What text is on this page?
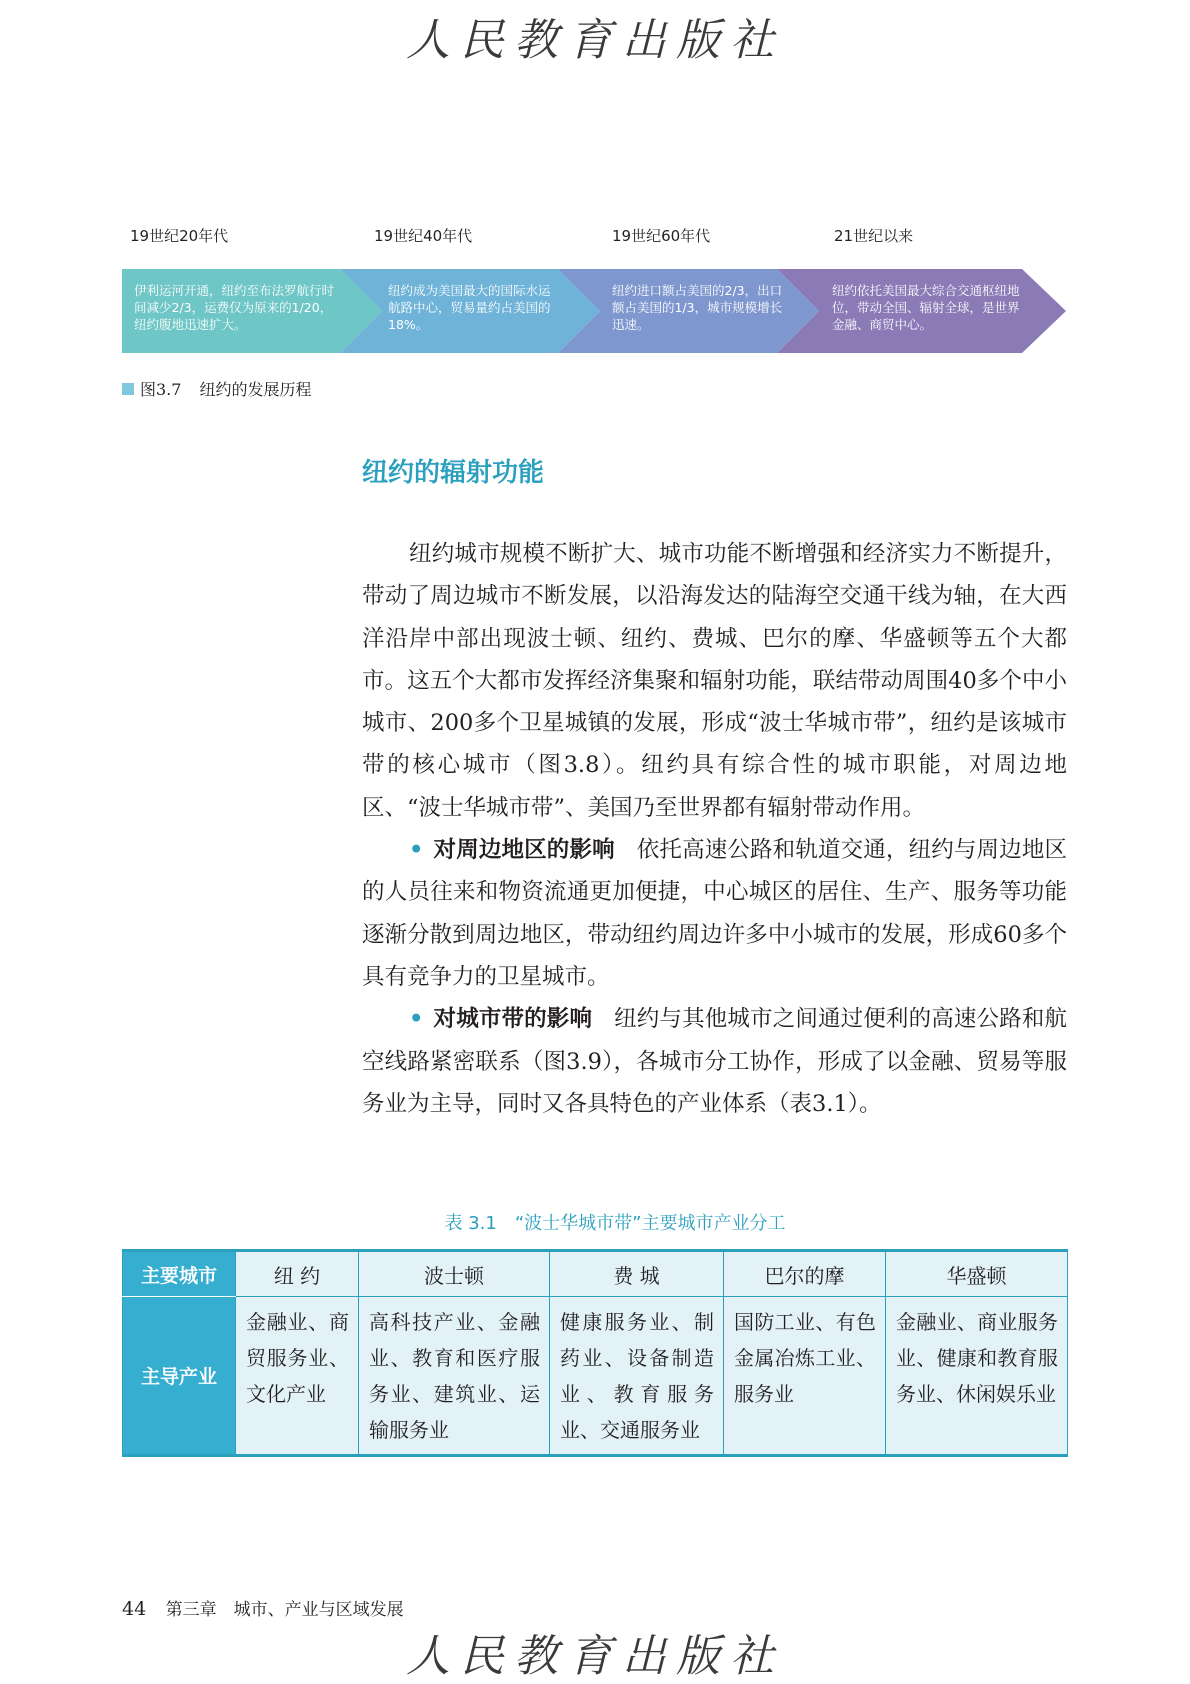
人民教育出版社
19世纪20年代	19世纪40年代	19世纪60年代	21世纪以来
伊利运河开通，纽约至布法罗航行时间减少2/3，运费仅为原来的1/20，纽约腹地迅速扩大。
纽约成为美国最大的国际水运航路中心，贸易量约占美国的18%。
纽约进口额占美国的2/3，出口额占美国的1/3，城市规模增长迅速。
纽约依托美国最大综合交通枢纽地位，带动全国、辐射全球，是世界金融、商贸中心。
图3.7 纽约的发展历程
纽约的辐射功能

纽约城市规模不断扩大、城市功能不断增强和经济实力不断提升，带动了周边城市不断发展，以沿海发达的陆海空交通干线为轴，在大西洋沿岸中部出现波士顿、纽约、费城、巴尔的摩、华盛顿等五个大都市。这五个大都市发挥经济集聚和辐射功能，联结带动周围40多个中小城市、200多个卫星城镇的发展，形成“波士华城市带”，纽约是该城市带的核心城市（图3.8）。纽约具有综合性的城市职能，对周边地区、“波士华城市带”、美国乃至世界都有辐射带动作用。

• 对周边地区的影响 依托高速公路和轨道交通，纽约与周边地区的人员往来和物资流通更加便捷，中心城区的居住、生产、服务等功能逐渐分散到周边地区，带动纽约周边许多中小城市的发展，形成60多个具有竞争力的卫星城市。

• 对城市带的影响 纽约与其他城市之间通过便利的高速公路和航空线路紧密联系（图3.9），各城市分工协作，形成了以金融、贸易等服务业为主导，同时又各具特色的产业体系（表3.1）。

表 3.1　“波士华城市带”主要城市产业分工
主要城市	纽 约	波士顿	费 城	巴尔的摩	华盛顿
主导产业	金融业、商贸服务业、文化产业	高科技产业、金融业、教育和医疗服务业、建筑业、运输服务业	健康服务业、制药业、设备制造业、教育服务业、交通服务业	国防工业、有色金属冶炼工业、服务业	金融业、商业服务业、健康和教育服务业、休闲娱乐业
44 第三章　城市、产业与区域发展
人民教育出版社
